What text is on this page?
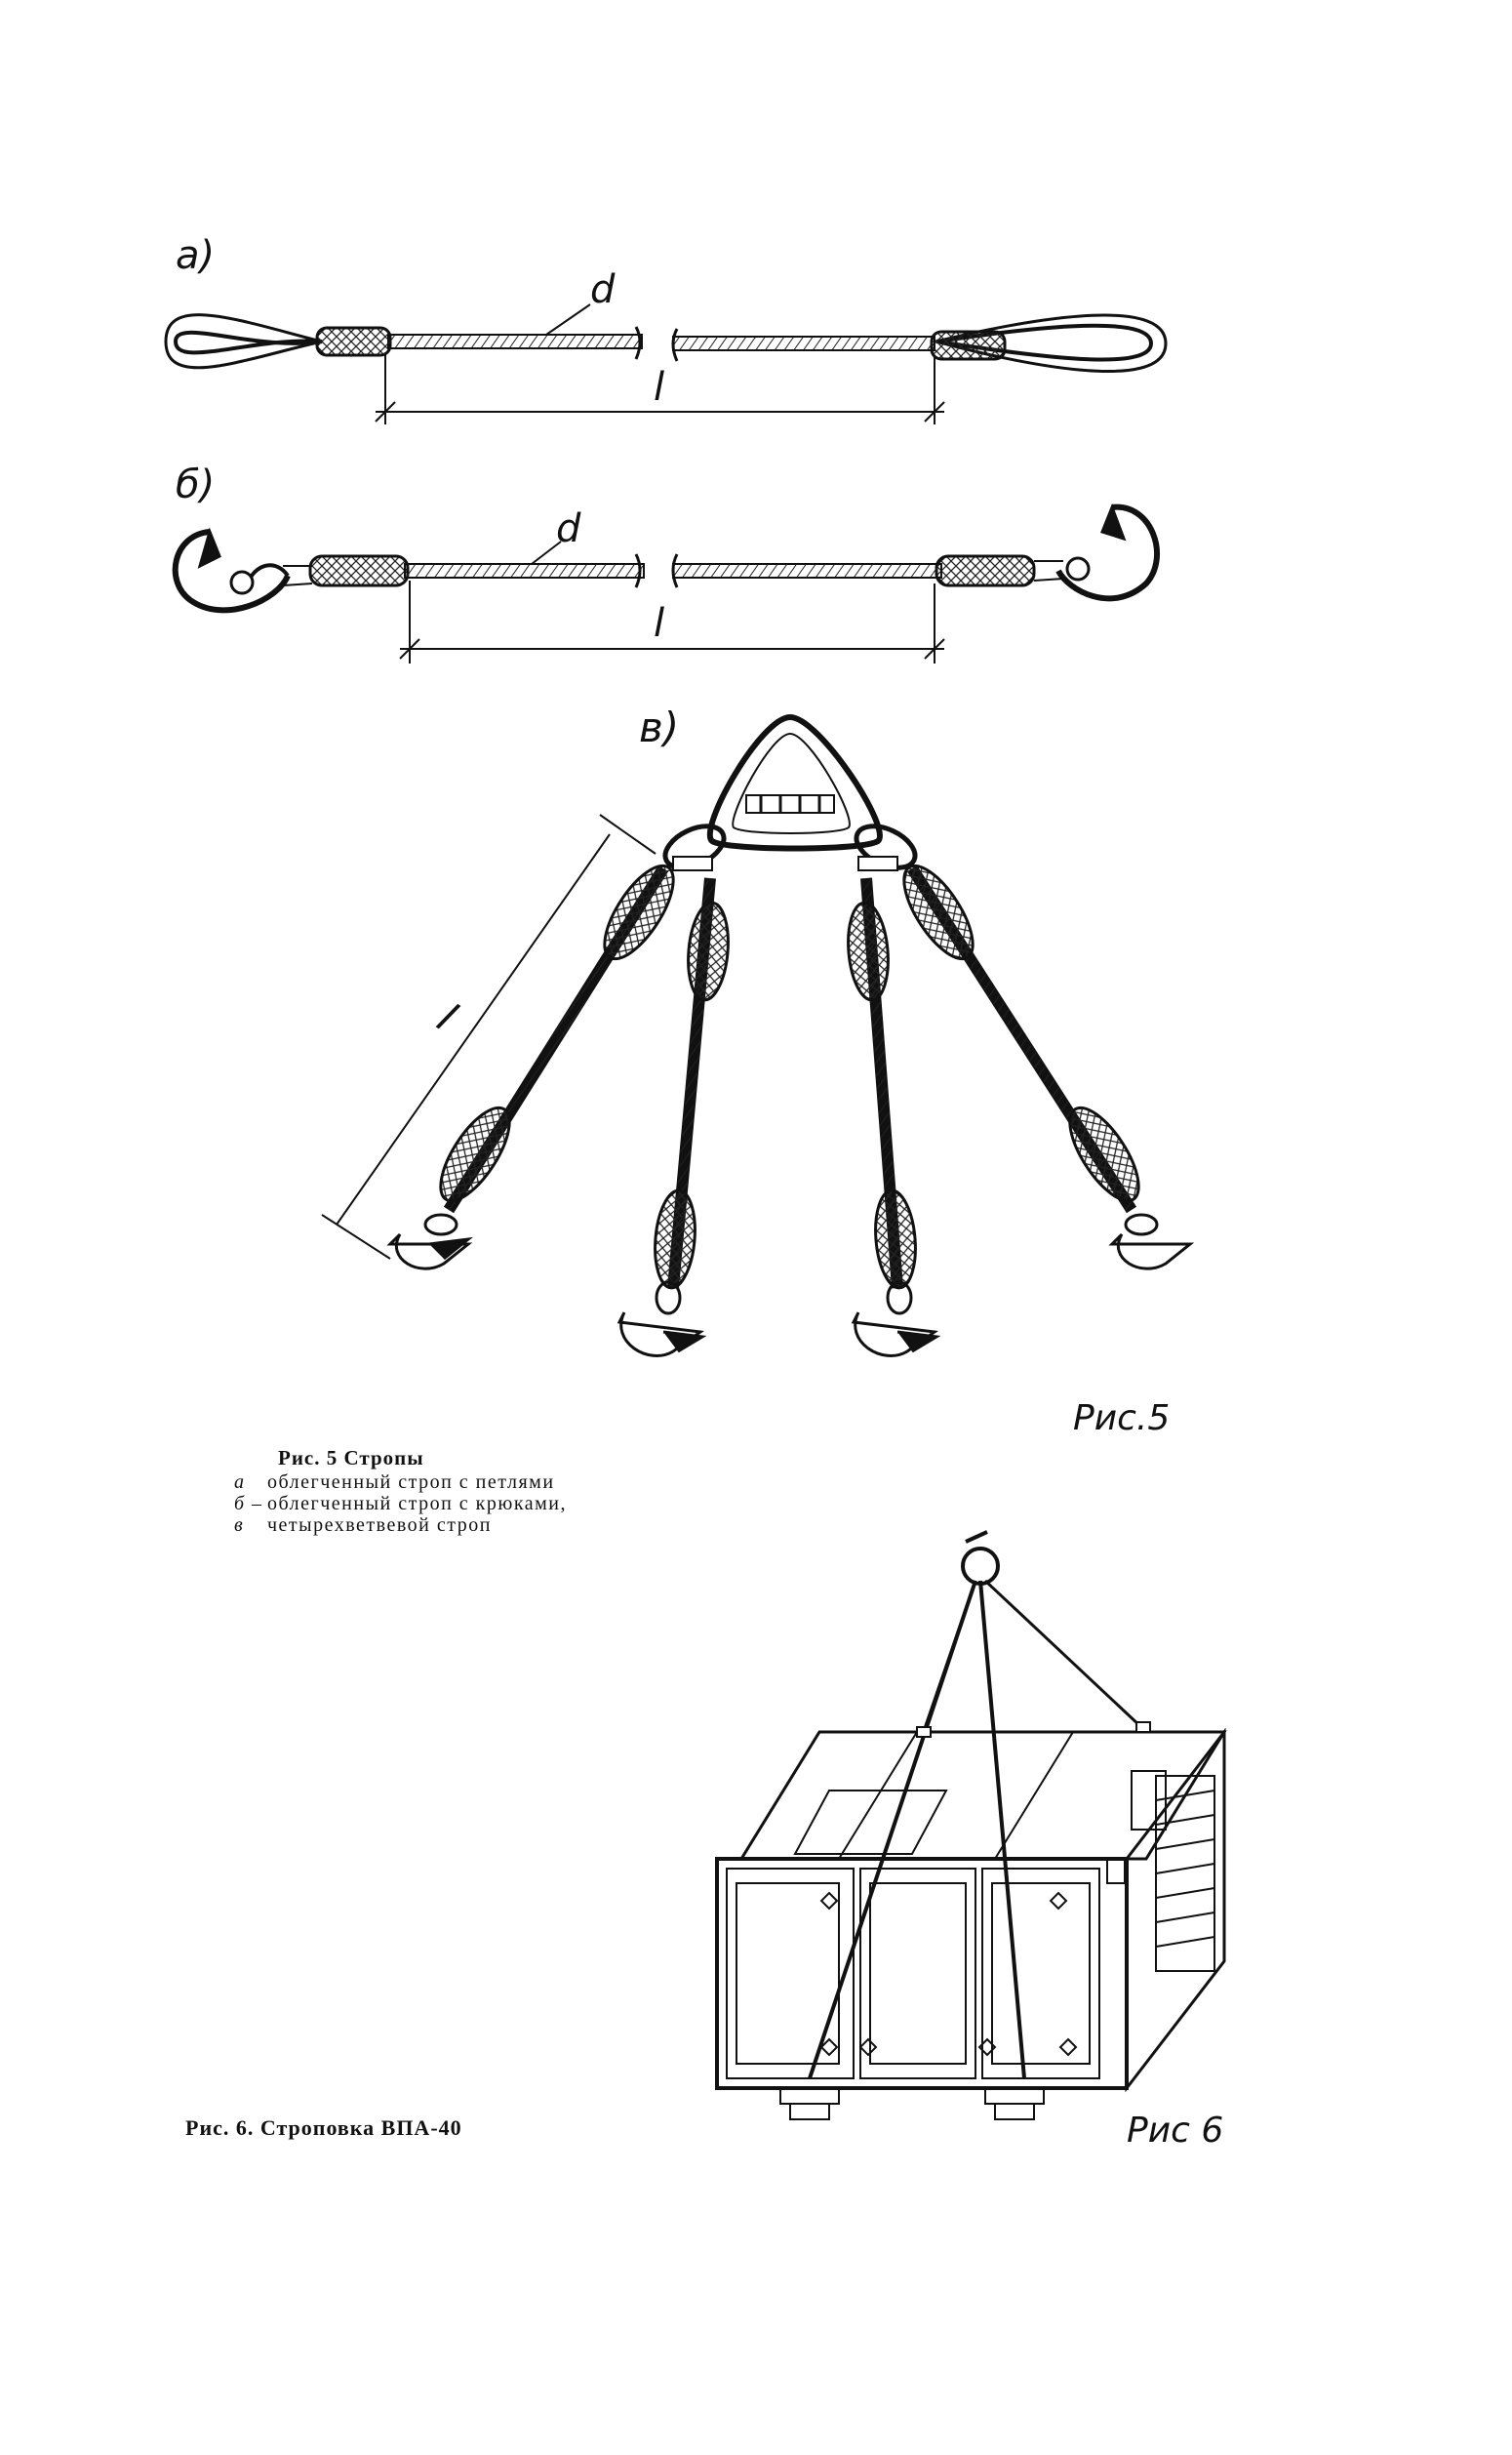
а)
d
l
б)
d
l
в)
l
Рис.5
Рис 6
Рис. 5 Стропы
а облегченный строп с петлями
б – облегченный строп с крюками,
в четырехветвевой строп
Рис. 6. Строповка ВПА-40
